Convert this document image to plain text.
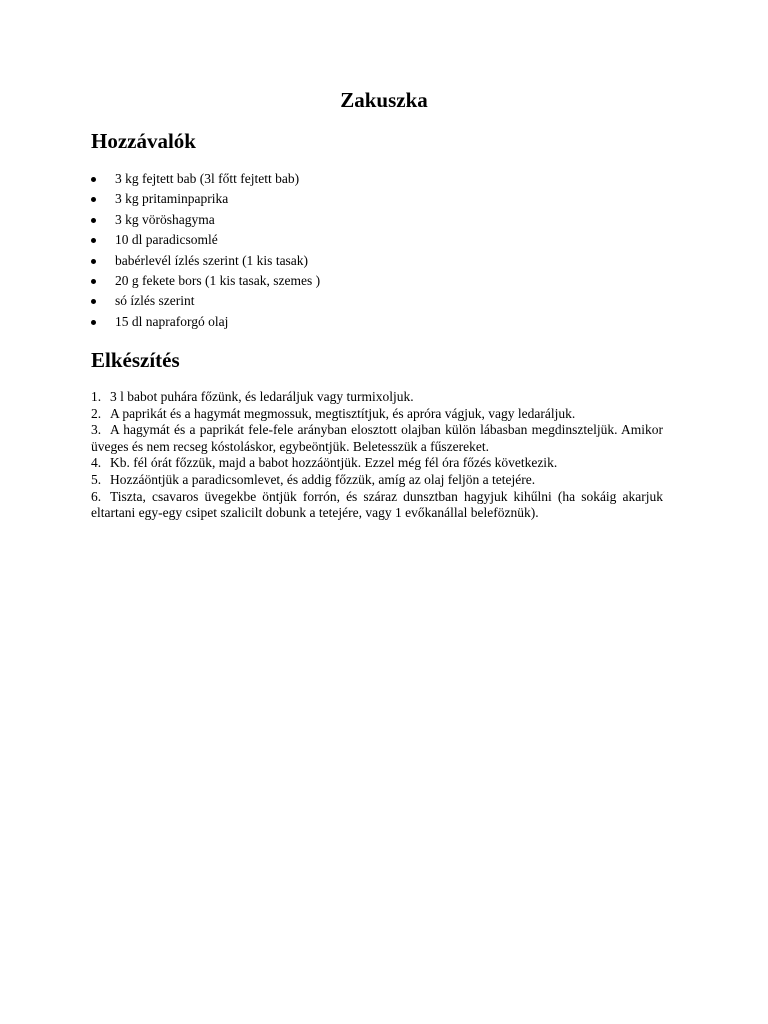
Zakuszka
Hozzávalók
3 kg fejtett bab (3l főtt fejtett bab)
3 kg pritaminpaprika
3 kg vöröshagyma
10 dl paradicsomlé
babérlevél ízlés szerint (1 kis tasak)
20 g fekete bors (1 kis tasak, szemes )
só ízlés szerint
15 dl napraforgó olaj
Elkészítés
1. 3 l babot puhára főzünk, és ledaráljuk vagy turmixoljuk.
2. A paprikát és a hagymát megmossuk, megtisztítjuk, és apróra vágjuk, vagy ledaráljuk.
3. A hagymát és a paprikát fele-fele arányban elosztott olajban külön lábasban megdinszteljük. Amikor üveges és nem recseg kóstoláskor, egybeöntjük. Beletesszük a fűszereket.
4. Kb. fél órát főzzük, majd a babot hozzáöntjük. Ezzel még fél óra főzés következik.
5. Hozzáöntjük a paradicsomlevet, és addig főzzük, amíg az olaj feljön a tetejére.
6. Tiszta, csavaros üvegekbe öntjük forrón, és száraz dunsztban hagyjuk kihűlni (ha sokáig akarjuk eltartani egy-egy csipet szalicilt dobunk a tetejére, vagy 1 evőkanállal beleföznük).
